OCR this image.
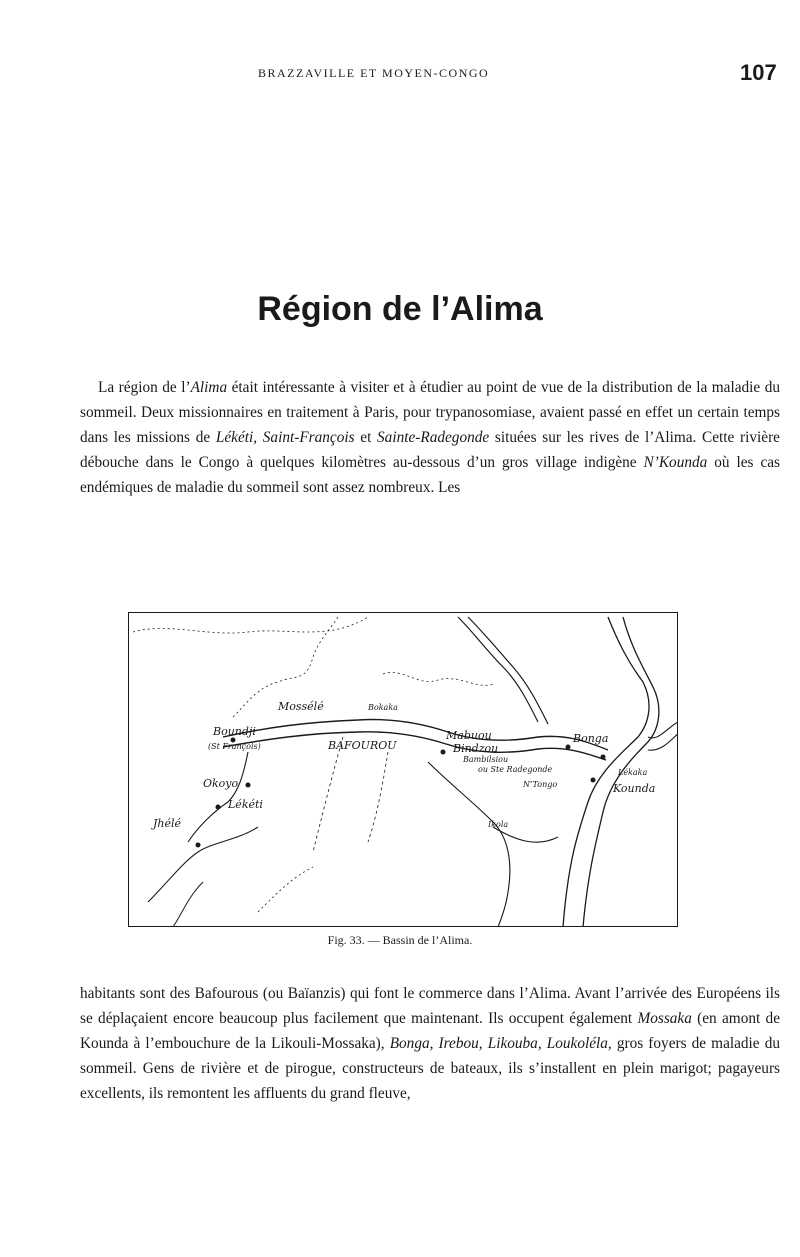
BRAZZAVILLE ET MOYEN-CONGO	107
Région de l’Alima

La région de l’Alima était intéressante à visiter et à étudier au point de vue de la distribution de la maladie du sommeil. Deux missionnaires en traitement à Paris, pour trypanosomiase, avaient passé en effet un certain temps dans les missions de Lékéti, Saint-François et Sainte-Radegonde situées sur les rives de l’Alima. Cette rivière débouche dans le Congo à quelques kilomètres au-dessous d’un gros village indigène N’Kounda où les cas endémiques de maladie du sommeil sont assez nombreux. Les

Mossélé
Boundji
(St François)
Okoyo
Lékéti
Jhélé
BAFOUROU
Mabuou
Bindzou
Bambilsiou
ou Ste Radegonde
Bonga
Kounda
N’Tongo
Lékaka
Bokaka
Ikola
Fig. 33. — Bassin de l’Alima.

habitants sont des Bafourous (ou Baïanzis) qui font le commerce dans l’Alima. Avant l’arrivée des Européens ils se déplaçaient encore beaucoup plus facilement que maintenant. Ils occupent également Mossaka (en amont de Kounda à l’embouchure de la Likouli-Mossaka), Bonga, Irebou, Likouba, Loukoléla, gros foyers de maladie du sommeil. Gens de rivière et de pirogue, constructeurs de bateaux, ils s’installent en plein marigot; pagayeurs excellents, ils remontent les affluents du grand fleuve,
